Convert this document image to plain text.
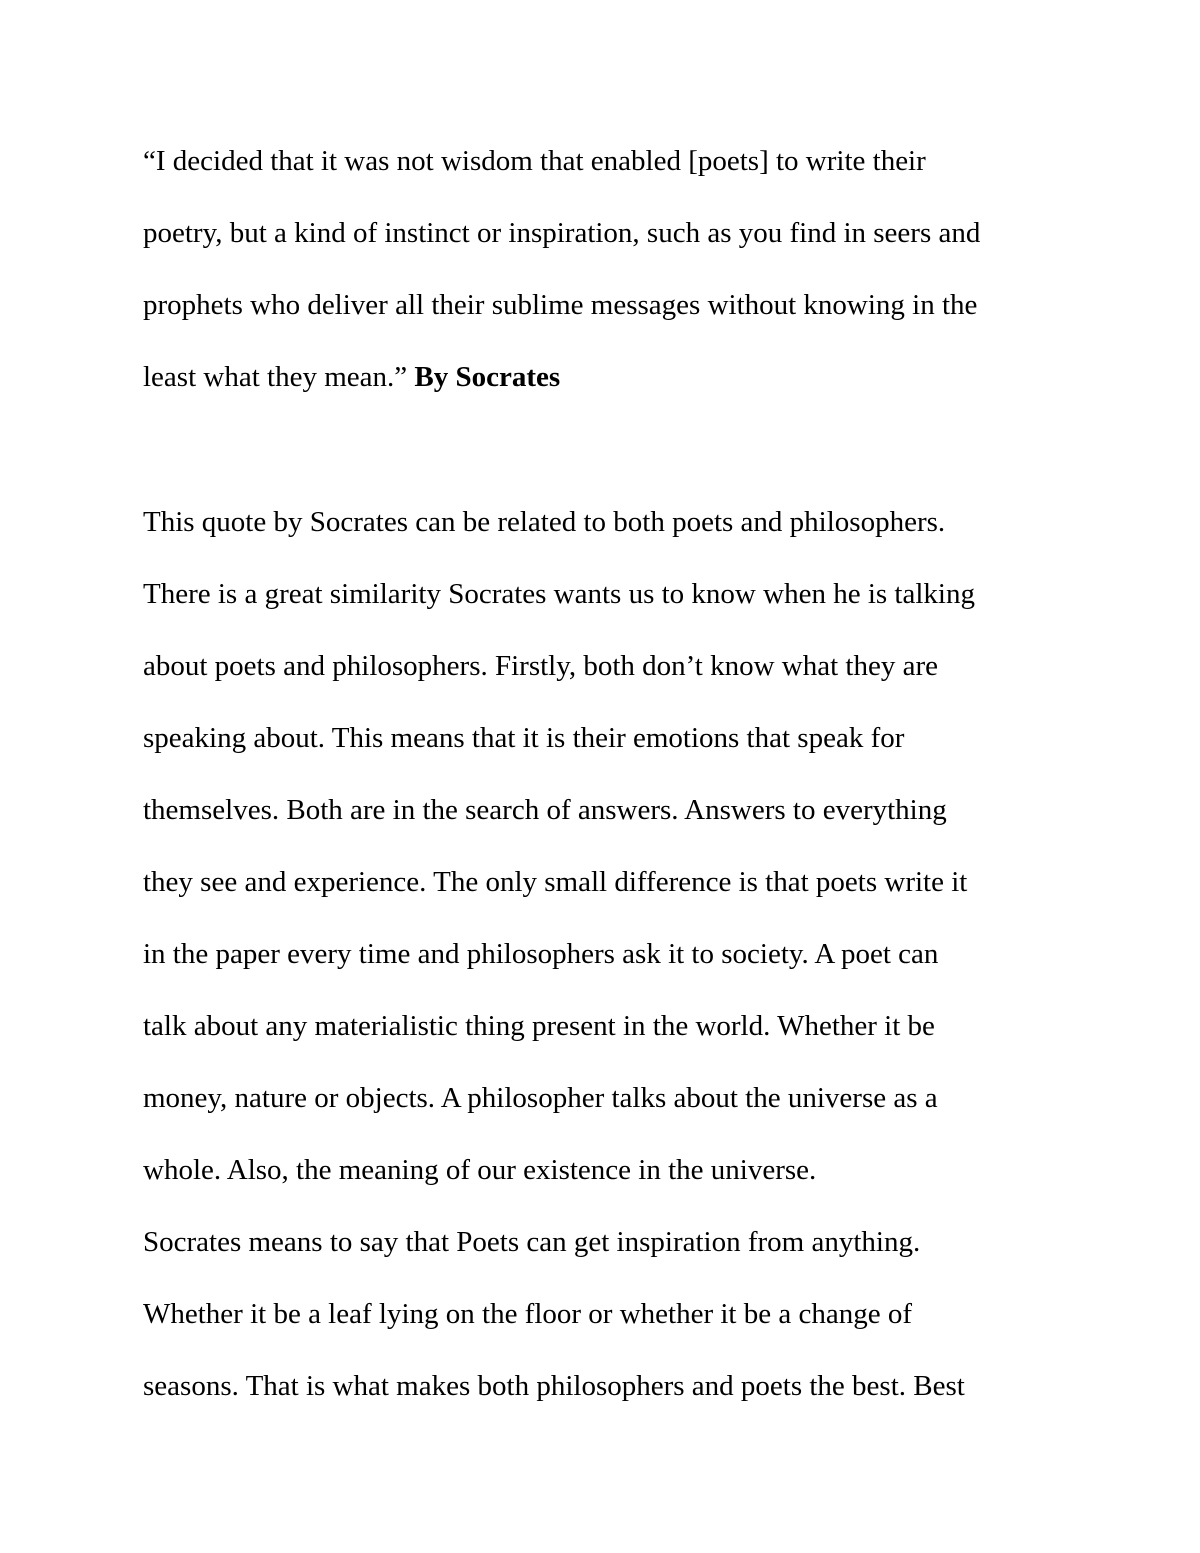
“I decided that it was not wisdom that enabled [poets] to write their

poetry, but a kind of instinct or inspiration, such as you find in seers and

prophets who deliver all their sublime messages without knowing in the

least what they mean.” By Socrates

This quote by Socrates can be related to both poets and philosophers.

There is a great similarity Socrates wants us to know when he is talking

about poets and philosophers. Firstly, both don’t know what they are

speaking about. This means that it is their emotions that speak for

themselves. Both are in the search of answers. Answers to everything

they see and experience. The only small difference is that poets write it

in the paper every time and philosophers ask it to society. A poet can

talk about any materialistic thing present in the world. Whether it be

money, nature or objects. A philosopher talks about the universe as a

whole. Also, the meaning of our existence in the universe.

Socrates means to say that Poets can get inspiration from anything.

Whether it be a leaf lying on the floor or whether it be a change of

seasons. That is what makes both philosophers and poets the best. Best
